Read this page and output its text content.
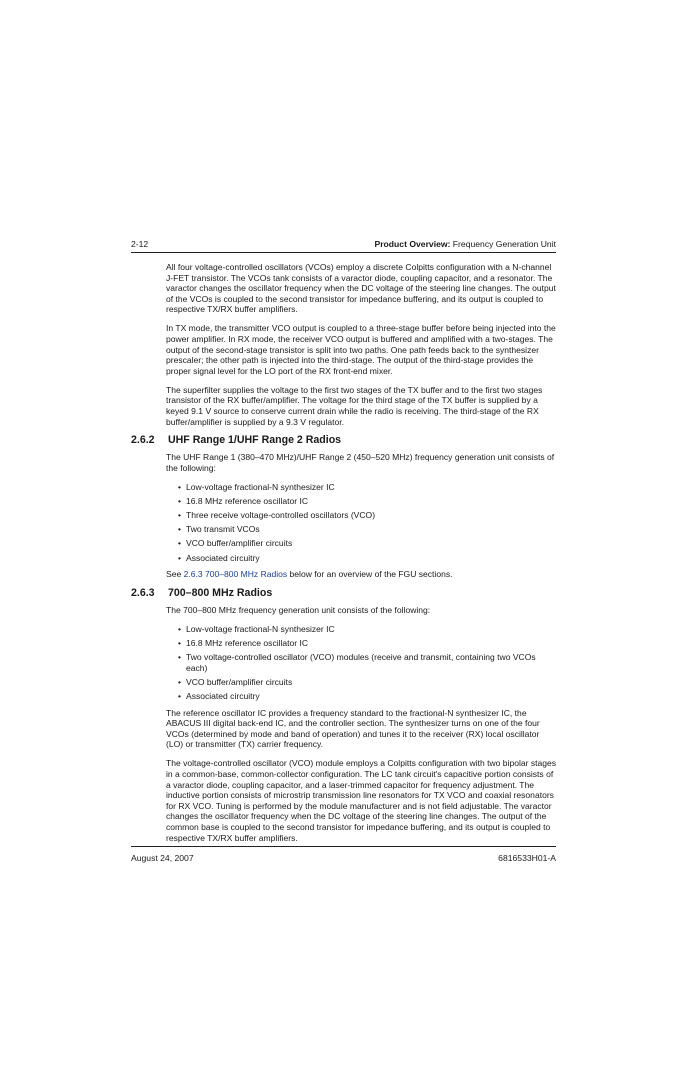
2-12	Product Overview: Frequency Generation Unit

All four voltage-controlled oscillators (VCOs) employ a discrete Colpitts configuration with a N-channel J-FET transistor. The VCOs tank consists of a varactor diode, coupling capacitor, and a resonator. The varactor changes the oscillator frequency when the DC voltage of the steering line changes. The output of the VCOs is coupled to the second transistor for impedance buffering, and its output is coupled to respective TX/RX buffer amplifiers.

In TX mode, the transmitter VCO output is coupled to a three-stage buffer before being injected into the power amplifier. In RX mode, the receiver VCO output is buffered and amplified with a two-stages. The output of the second-stage transistor is split into two paths. One path feeds back to the synthesizer prescaler; the other path is injected into the third-stage. The output of the third-stage provides the proper signal level for the LO port of the RX front-end mixer.

The superfilter supplies the voltage to the first two stages of the TX buffer and to the first two stages transistor of the RX buffer/amplifier. The voltage for the third stage of the TX buffer is supplied by a keyed 9.1 V source to conserve current drain while the radio is receiving. The third-stage of the RX buffer/amplifier is supplied by a 9.3 V regulator.

2.6.2 UHF Range 1/UHF Range 2 Radios

The UHF Range 1 (380–470 MHz)/UHF Range 2 (450–520 MHz) frequency generation unit consists of the following:

• Low-voltage fractional-N synthesizer IC
• 16.8 MHz reference oscillator IC
• Three receive voltage-controlled oscillators (VCO)
• Two transmit VCOs
• VCO buffer/amplifier circuits
• Associated circuitry

See 2.6.3 700–800 MHz Radios below for an overview of the FGU sections.

2.6.3 700–800 MHz Radios

The 700–800 MHz frequency generation unit consists of the following:

• Low-voltage fractional-N synthesizer IC
• 16.8 MHz reference oscillator IC
• Two voltage-controlled oscillator (VCO) modules (receive and transmit, containing two VCOs each)
• VCO buffer/amplifier circuits
• Associated circuitry

The reference oscillator IC provides a frequency standard to the fractional-N synthesizer IC, the ABACUS III digital back-end IC, and the controller section. The synthesizer turns on one of the four VCOs (determined by mode and band of operation) and tunes it to the receiver (RX) local oscillator (LO) or transmitter (TX) carrier frequency.

The voltage-controlled oscillator (VCO) module employs a Colpitts configuration with two bipolar stages in a common-base, common-collector configuration. The LC tank circuit's capacitive portion consists of a varactor diode, coupling capacitor, and a laser-trimmed capacitor for frequency adjustment. The inductive portion consists of microstrip transmission line resonators for TX VCO and coaxial resonators for RX VCO. Tuning is performed by the module manufacturer and is not field adjustable. The varactor changes the oscillator frequency when the DC voltage of the steering line changes. The output of the common base is coupled to the second transistor for impedance buffering, and its output is coupled to respective TX/RX buffer amplifiers.

August 24, 2007	6816533H01-A
